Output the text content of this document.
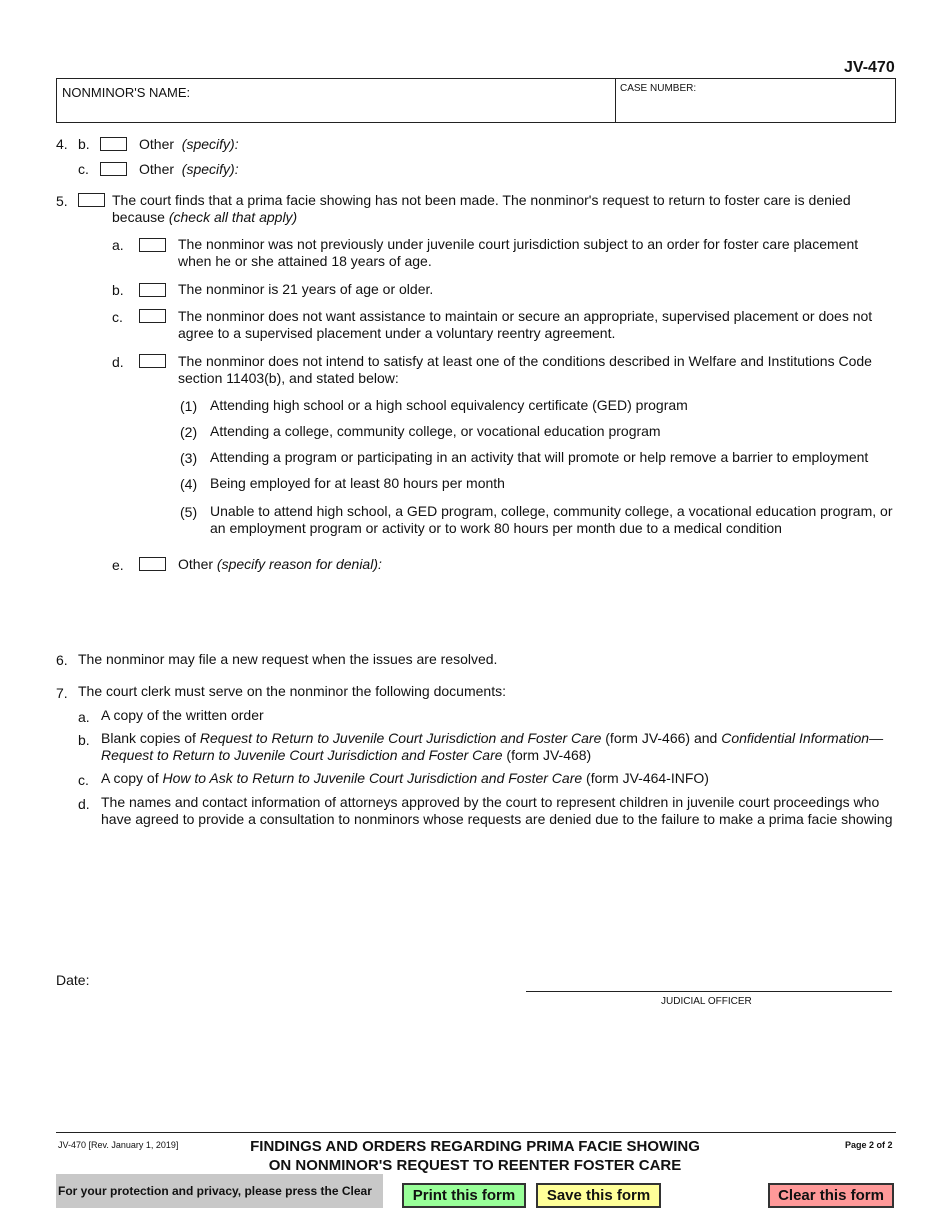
JV-470
NONMINOR'S NAME:	CASE NUMBER:
4. b.	Other (specify):
c.	Other (specify):
5.	The court finds that a prima facie showing has not been made. The nonminor's request to return to foster care is denied
because (check all that apply)
a.	The nonminor was not previously under juvenile court jurisdiction subject to an order for foster care placement
when he or she attained 18 years of age.
b.	The nonminor is 21 years of age or older.
c.	The nonminor does not want assistance to maintain or secure an appropriate, supervised placement or does not
agree to a supervised placement under a voluntary reentry agreement.
d.	The nonminor does not intend to satisfy at least one of the conditions described in Welfare and Institutions Code
section 11403(b), and stated below:
(1) Attending high school or a high school equivalency certificate (GED) program
(2) Attending a college, community college, or vocational education program
(3) Attending a program or participating in an activity that will promote or help remove a barrier to employment
(4) Being employed for at least 80 hours per month
(5) Unable to attend high school, a GED program, college, community college, a vocational education program, or
an employment program or activity or to work 80 hours per month due to a medical condition
e.	Other (specify reason for denial):
6. The nonminor may file a new request when the issues are resolved.
7. The court clerk must serve on the nonminor the following documents:
a. A copy of the written order
b. Blank copies of Request to Return to Juvenile Court Jurisdiction and Foster Care (form JV-466) and Confidential Information—
Request to Return to Juvenile Court Jurisdiction and Foster Care (form JV-468)
c. A copy of How to Ask to Return to Juvenile Court Jurisdiction and Foster Care (form JV-464-INFO)
d. The names and contact information of attorneys approved by the court to represent children in juvenile court proceedings who
have agreed to provide a consultation to nonminors whose requests are denied due to the failure to make a prima facie showing
Date:
JUDICIAL OFFICER
JV-470 [Rev. January 1, 2019]	FINDINGS AND ORDERS REGARDING PRIMA FACIE SHOWING
ON NONMINOR'S REQUEST TO REENTER FOSTER CARE
Page 2 of 2
For your protection and privacy, please press the Clear	Print this form	Save this form	Clear this form
